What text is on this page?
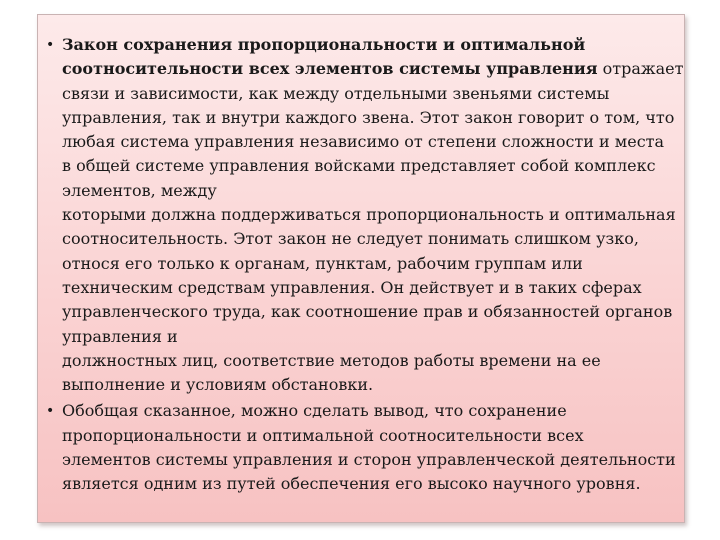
• Закон сохранения пропорциональности и оптимальной
соотносительности всех элементов системы управления отражает
связи и зависимости, как между отдельными звеньями системы
управления, так и внутри каждого звена. Этот закон говорит о том, что
любая система управления независимо от степени сложности и места
в общей системе управления войсками представляет собой комплекс
элементов, между
которыми должна поддерживаться пропорциональность и оптимальная
соотносительность. Этот закон не следует понимать слишком узко,
относя его только к органам, пунктам, рабочим группам или
техническим средствам управления. Он действует и в таких сферах
управленческого труда, как соотношение прав и обязанностей органов
управления и
должностных лиц, соответствие методов работы времени на ее
выполнение и условиям обстановки.
• Обобщая сказанное, можно сделать вывод, что сохранение
пропорциональности и оптимальной соотносительности всех
элементов системы управления и сторон управленческой деятельности
является одним из путей обеспечения его высоко научного уровня.
